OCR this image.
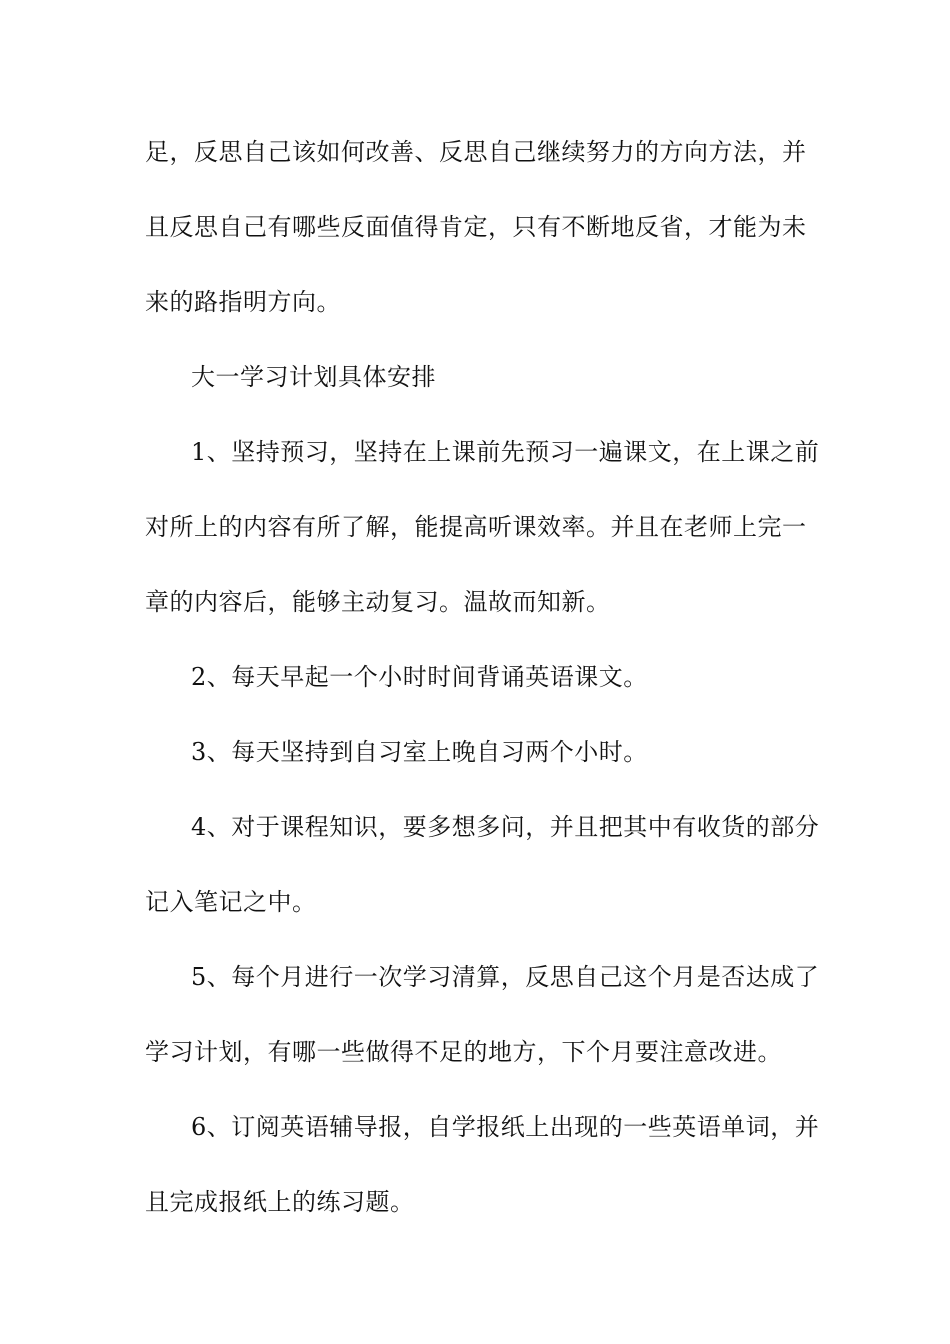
足，反思自己该如何改善、反思自己继续努力的方向方法，并
且反思自己有哪些反面值得肯定，只有不断地反省，才能为未
来的路指明方向。
大一学习计划具体安排
1、坚持预习，坚持在上课前先预习一遍课文，在上课之前
对所上的内容有所了解，能提高听课效率。并且在老师上完一
章的内容后，能够主动复习。温故而知新。
2、每天早起一个小时时间背诵英语课文。
3、每天坚持到自习室上晚自习两个小时。
4、对于课程知识，要多想多问，并且把其中有收货的部分
记入笔记之中。
5、每个月进行一次学习清算，反思自己这个月是否达成了
学习计划，有哪一些做得不足的地方，下个月要注意改进。
6、订阅英语辅导报，自学报纸上出现的一些英语单词，并
且完成报纸上的练习题。
